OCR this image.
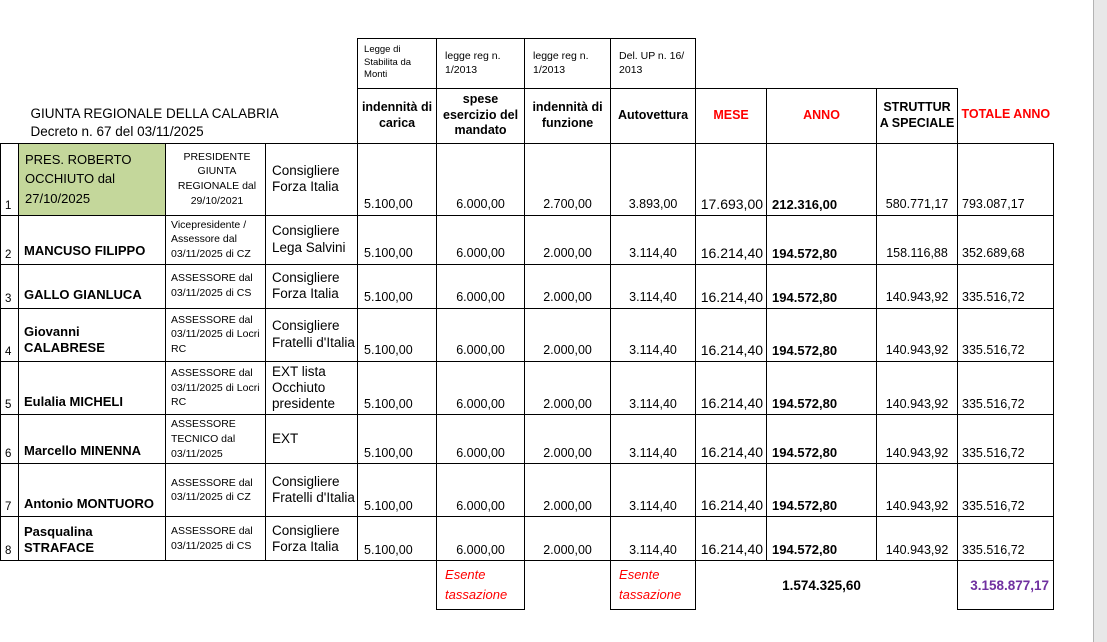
GIUNTA REGIONALE DELLA CALABRIA
Decreto n. 67 del 03/11/2025											

				Legge di Stabilita da Monti	legge reg n. 1/2013	legge reg n. 1/2013	Del. UP n. 16/ 2013				
				indennità di carica	spese esercizio del mandato	indennità di funzione	Autovettura	MESE	ANNO	STRUTTURA SPECIALE	TOTALE ANNO
1	PRES. ROBERTO OCCHIUTO dal 27/10/2025	PRESIDENTE GIUNTA REGIONALE dal 29/10/2021	Consigliere Forza Italia	5.100,00	6.000,00	2.700,00	3.893,00	17.693,00	212.316,00	580.771,17	793.087,17
2	MANCUSO FILIPPO	Vicepresidente / Assessore dal 03/11/2025 di CZ	Consigliere Lega Salvini	5.100,00	6.000,00	2.000,00	3.114,40	16.214,40	194.572,80	158.116,88	352.689,68
3	GALLO GIANLUCA	ASSESSORE dal 03/11/2025 di CS	Consigliere Forza Italia	5.100,00	6.000,00	2.000,00	3.114,40	16.214,40	194.572,80	140.943,92	335.516,72
4	Giovanni CALABRESE	ASSESSORE dal 03/11/2025 di Locri RC	Consigliere Fratelli d'Italia	5.100,00	6.000,00	2.000,00	3.114,40	16.214,40	194.572,80	140.943,92	335.516,72
5	Eulalia MICHELI	ASSESSORE dal 03/11/2025 di Locri RC	EXT lista Occhiuto presidente	5.100,00	6.000,00	2.000,00	3.114,40	16.214,40	194.572,80	140.943,92	335.516,72
6	Marcello MINENNA	ASSESSORE TECNICO dal 03/11/2025	EXT	5.100,00	6.000,00	2.000,00	3.114,40	16.214,40	194.572,80	140.943,92	335.516,72
7	Antonio MONTUORO	ASSESSORE dal 03/11/2025 di CZ	Consigliere Fratelli d'Italia	5.100,00	6.000,00	2.000,00	3.114,40	16.214,40	194.572,80	140.943,92	335.516,72
8	Pasqualina STRAFACE	ASSESSORE dal 03/11/2025 di CS	Consigliere Forza Italia	5.100,00	6.000,00	2.000,00	3.114,40	16.214,40	194.572,80	140.943,92	335.516,72
					Esente tassazione		Esente tassazione		1.574.325,60		3.158.877,17
